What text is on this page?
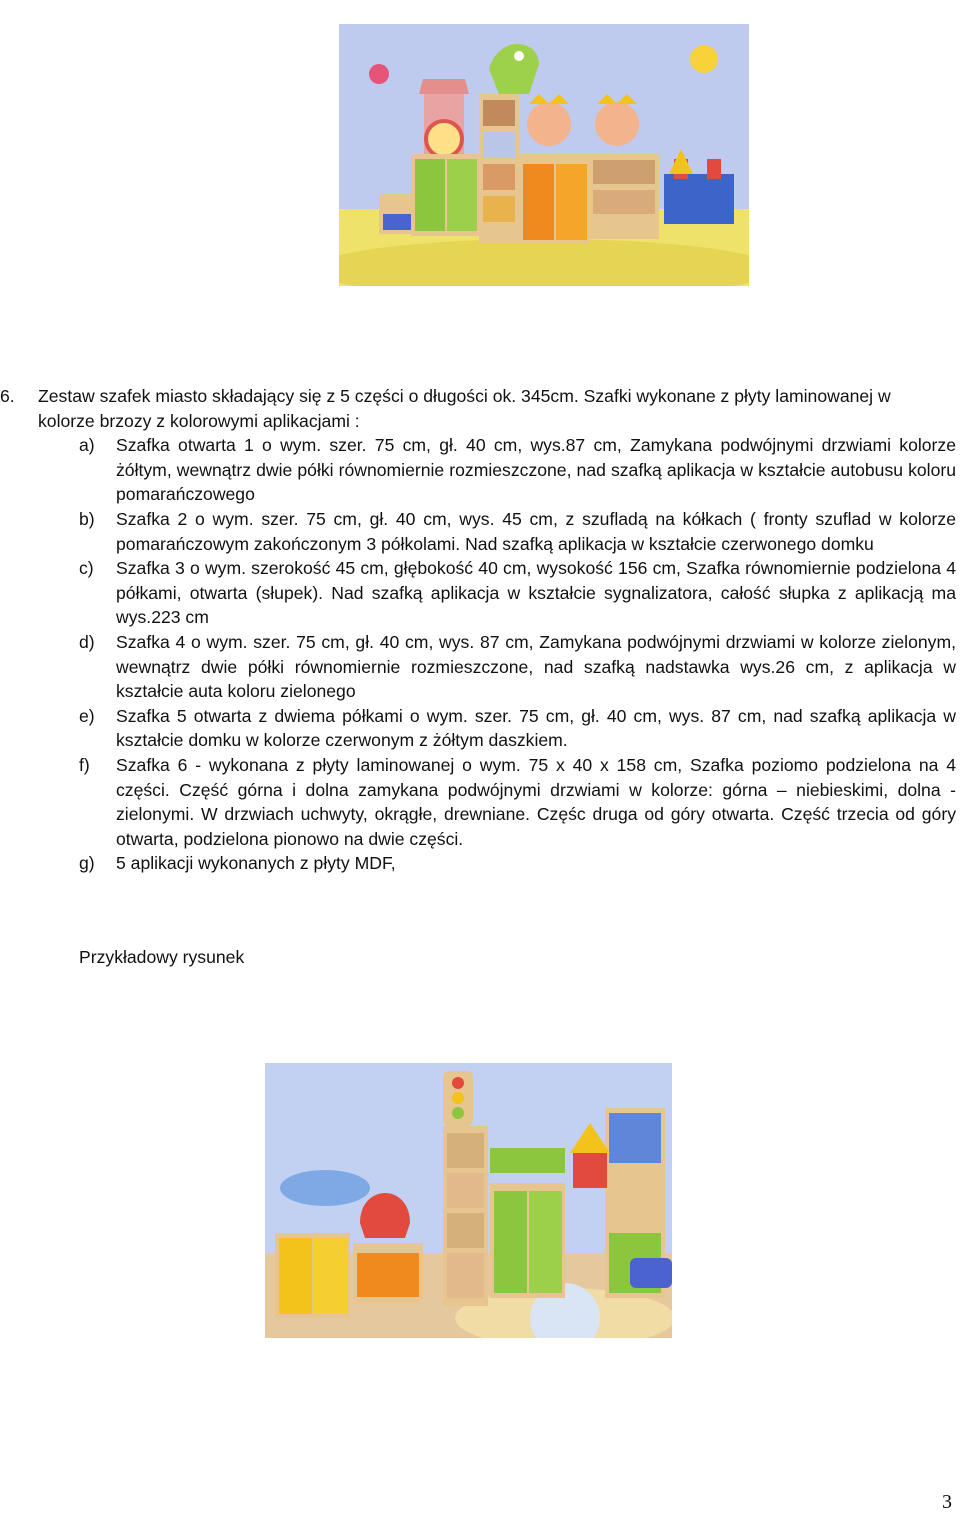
6. Zestaw szafek miasto składający się z 5 części o długości ok. 345cm. Szafki wykonane z płyty laminowanej w kolorze brzozy z kolorowymi aplikacjami :
a) Szafka otwarta 1 o wym. szer. 75 cm, gł. 40 cm, wys.87 cm, Zamykana podwójnymi drzwiami kolorze żółtym, wewnątrz dwie półki równomiernie rozmieszczone, nad szafką aplikacja w kształcie autobusu koloru pomarańczowego
b) Szafka 2 o wym. szer. 75 cm, gł. 40 cm, wys. 45 cm, z szufladą na kółkach ( fronty szuflad w kolorze pomarańczowym zakończonym 3 półkolami. Nad szafką aplikacja w kształcie czerwonego domku
c) Szafka 3 o wym. szerokość 45 cm, głębokość 40 cm, wysokość 156 cm, Szafka równomiernie podzielona 4 półkami, otwarta (słupek). Nad szafką aplikacja w kształcie sygnalizatora, całość słupka z aplikacją ma wys.223 cm
d) Szafka 4 o wym. szer. 75 cm, gł. 40 cm, wys. 87 cm, Zamykana podwójnymi drzwiami w kolorze zielonym, wewnątrz dwie półki równomiernie rozmieszczone, nad szafką nadstawka wys.26 cm, z aplikacja w kształcie auta koloru zielonego
e) Szafka 5 otwarta z dwiema półkami o wym. szer. 75 cm, gł. 40 cm, wys. 87 cm, nad szafką aplikacja w kształcie domku w kolorze czerwonym z żółtym daszkiem.
f) Szafka 6 - wykonana z płyty laminowanej o wym. 75 x 40 x 158 cm, Szafka poziomo podzielona na 4 części. Część górna i dolna zamykana podwójnymi drzwiami w kolorze: górna – niebieskimi, dolna - zielonymi. W drzwiach uchwyty, okrągłe, drewniane. Częśc druga od góry otwarta. Część trzecia od góry otwarta, podzielona pionowo na dwie części.
g) 5 aplikacji wykonanych z płyty MDF,
Przykładowy rysunek
3
